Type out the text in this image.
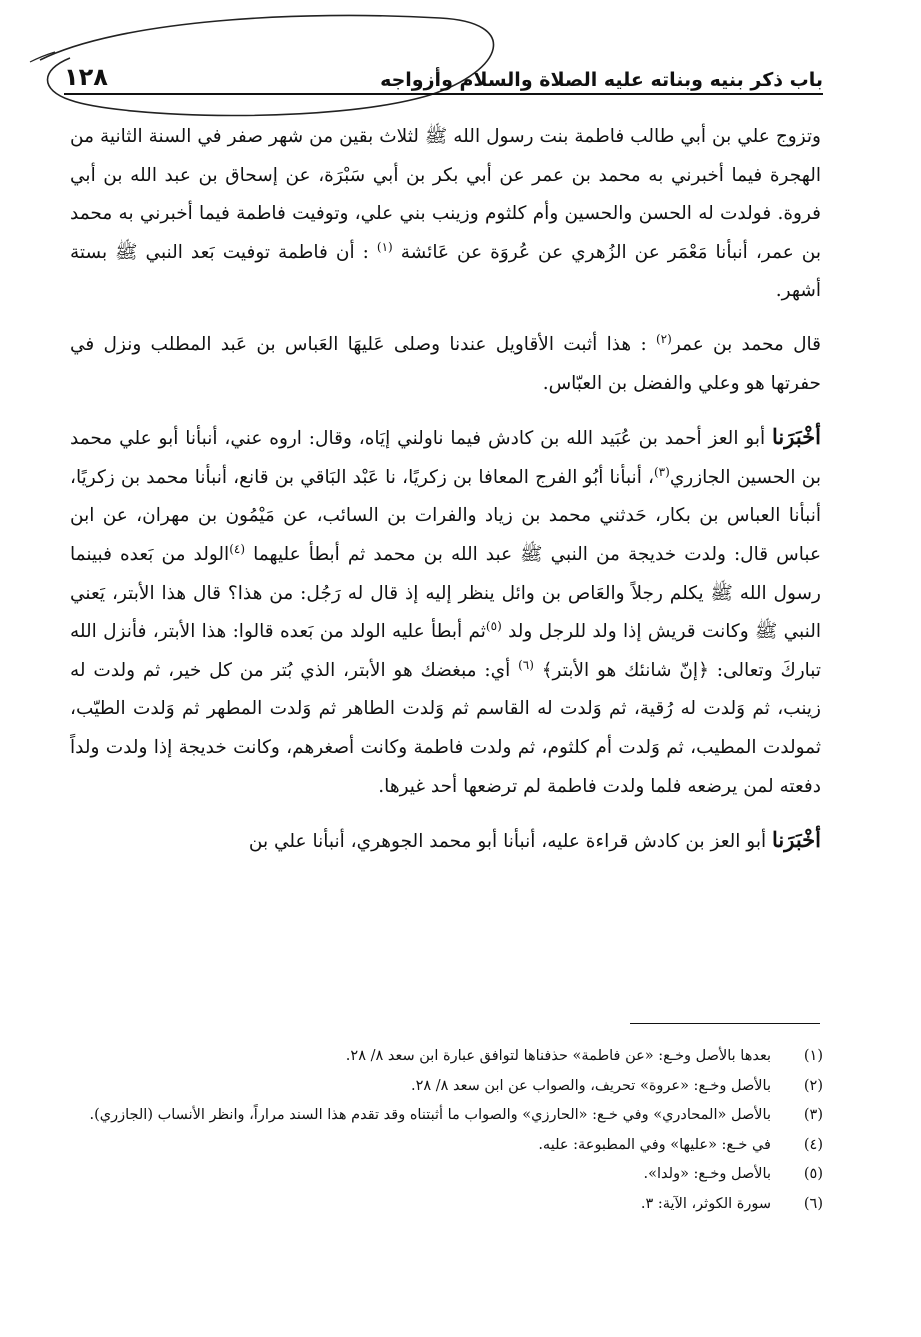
باب ذكر بنيه وبناته عليه الصلاة والسلام وأزواجه
١٢٨

وتزوج علي بن أبي طالب فاطمة بنت رسول الله ﷺ لثلاث بقين من شهر صفر في السنة الثانية من الهجرة فيما أخبرني به محمد بن عمر عن أبي بكر بن أبي سَبْرَة، عن إسحاق بن عبد الله بن أبي فروة. فولدت له الحسن والحسين وأم كلثوم وزينب بني علي، وتوفيت فاطمة فيما أخبرني به محمد بن عمر، أنبأنا مَعْمَر عن الزُهري عن عُروَة عن عَائشة $^{(١)}$ : أن فاطمة توفيت بَعد النبي ﷺ بستة أشهر.

قال محمد بن عمر$^{(٢)}$ : هذا أثبت الأقاويل عندنا وصلى عَليهَا العَباس بن عَبد المطلب ونزل في حفرتها هو وعلي والفضل بن العبّاس.

أخْبَرَنا أبو العز أحمد بن عُبَيد الله بن كادش فيما ناولني إيَاه، وقال: اروه عني، أنبأنا أبو علي محمد بن الحسين الجازري$^{(٣)}$، أنبأنا أبُو الفرج المعافا بن زكريًا، نا عَبْد البَاقي بن قانع، أنبأنا محمد بن زكريًا، أنبأنا العباس بن بكار، حَدثني محمد بن زياد والفرات بن السائب، عن مَيْمُون بن مهران، عن ابن عباس قال: ولدت خديجة من النبي ﷺ عبد الله بن محمد ثم أبطأ عليهما $^{(٤)}$الولد من بَعده فبينما رسول الله ﷺ يكلم رجلاً والعَاص بن وائل ينظر إليه إذ قال له رَجُل: من هذا؟ قال هذا الأبتر، يَعني النبي ﷺ وكانت قريش إذا ولد للرجل ولد $^{(٥)}$ثم أبطأ عليه الولد من بَعده قالوا: هذا الأبتر، فأنزل الله تباركَ وتعالى: ﴿إنّ شانئك هو الأبتر﴾ $^{(٦)}$ أي: مبغضك هو الأبتر، الذي بُتر من كل خير، ثم ولدت له زينب، ثم وَلدت له رُقية، ثم وَلدت له القاسم ثم وَلدت الطاهر ثم وَلدت المطهر ثم وَلدت الطيّب، ثمولدت المطيب، ثم وَلدت أم كلثوم، ثم ولدت فاطمة وكانت أصغرهم، وكانت خديجة إذا ولدت ولداً دفعته لمن يرضعه فلما ولدت فاطمة لم ترضعها أحد غيرها.

أخْبَرَنا أبو العز بن كادش قراءة عليه، أنبأنا أبو محمد الجوهري، أنبأنا علي بن

(١)
بعدها بالأصل وخـع: «عن فاطمة» حذفناها لتوافق عبارة ابن سعد ٨/ ٢٨.

(٢)
بالأصل وخـع: «عروة» تحريف، والصواب عن ابن سعد ٨/ ٢٨.

(٣)
بالأصل «المحادري» وفي خـع: «الحارزي» والصواب ما أثبتناه وقد تقدم هذا السند مراراً، وانظر الأنساب (الجازري).

(٤)
في خـع: «عليها» وفي المطبوعة: عليه.

(٥)
بالأصل وخـع: «ولدا».

(٦)
سورة الكوثر، الآية: ٣.
